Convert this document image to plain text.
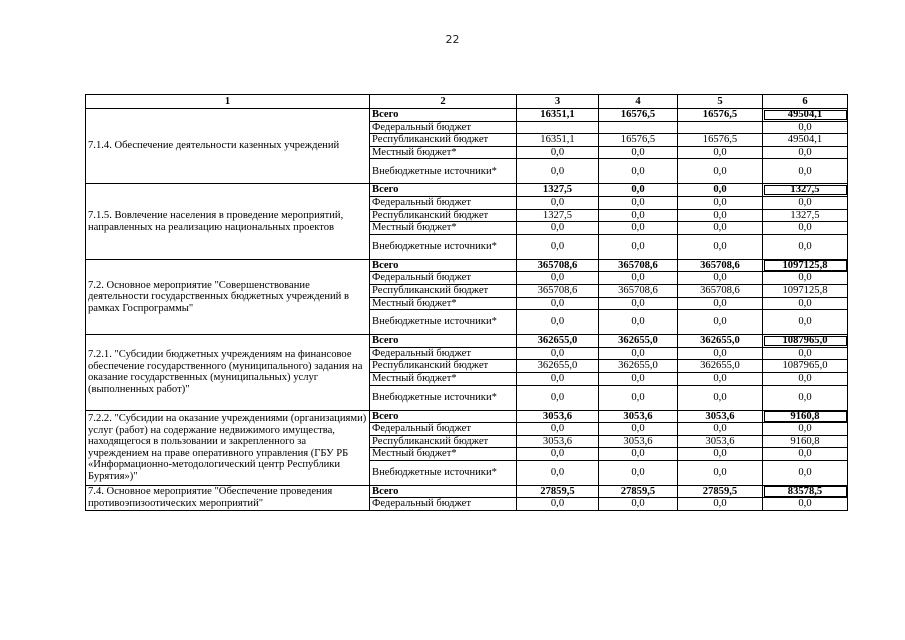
22
1	2	3	4	5	6
7.1.4. Обеспечение деятельности казенных учреждений	Всего	16351,1	16576,5	16576,5	49504,1
	Федеральный бюджет				0,0
	Республиканский бюджет	16351,1	16576,5	16576,5	49504,1
	Местный бюджет*	0,0	0,0	0,0	0,0
	Внебюджетные источники*	0,0	0,0	0,0	0,0
7.1.5. Вовлечение населения в проведение мероприятий, направленных на реализацию национальных проектов	Всего	1327,5	0,0	0,0	1327,5
	Федеральный бюджет	0,0	0,0	0,0	0,0
	Республиканский бюджет	1327,5	0,0	0,0	1327,5
	Местный бюджет*	0,0	0,0	0,0	0,0
	Внебюджетные источники*	0,0	0,0	0,0	0,0
7.2. Основное мероприятие "Совершенствование деятельности государственных бюджетных учреждений в рамках Госпрограммы"	Всего	365708,6	365708,6	365708,6	1097125,8
	Федеральный бюджет	0,0	0,0	0,0	0,0
	Республиканский бюджет	365708,6	365708,6	365708,6	1097125,8
	Местный бюджет*	0,0	0,0	0,0	0,0
	Внебюджетные источники*	0,0	0,0	0,0	0,0
7.2.1. "Субсидии бюджетных учреждениям на финансовое обеспечение государственного (муниципального) задания на оказание государственных (муниципальных) услуг (выполненных работ)"	Всего	362655,0	362655,0	362655,0	1087965,0
	Федеральный бюджет	0,0	0,0	0,0	0,0
	Республиканский бюджет	362655,0	362655,0	362655,0	1087965,0
	Местный бюджет*	0,0	0,0	0,0	0,0
	Внебюджетные источники*	0,0	0,0	0,0	0,0
7.2.2. "Субсидии на оказание учреждениями (организациями) услуг (работ) на содержание недвижимого имущества, находящегося в пользовании и закрепленного за учреждением на праве оперативного управления (ГБУ РБ «Информационно-методологический центр Республики Бурятия»)"	Всего	3053,6	3053,6	3053,6	9160,8
	Федеральный бюджет	0,0	0,0	0,0	0,0
	Республиканский бюджет	3053,6	3053,6	3053,6	9160,8
	Местный бюджет*	0,0	0,0	0,0	0,0
	Внебюджетные источники*	0,0	0,0	0,0	0,0
7.4. Основное мероприятие "Обеспечение проведения противоэпизоотических мероприятий"	Всего	27859,5	27859,5	27859,5	83578,5
	Федеральный бюджет	0,0	0,0	0,0	0,0
